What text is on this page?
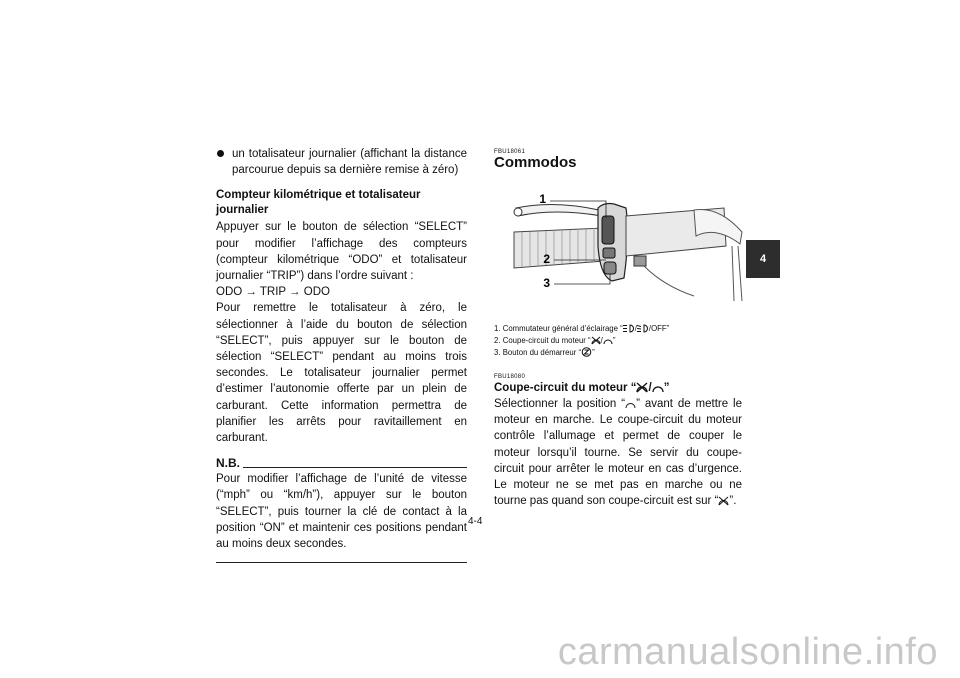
4

un totalisateur journalier (affichant la distance parcourue depuis sa dernière remise à zéro)

Compteur kilométrique et totalisateur journalier

Appuyer sur le bouton de sélection “SELECT” pour modifier l’affichage des compteurs (compteur kilométrique “ODO” et totalisateur journalier “TRIP”) dans l’ordre suivant :

ODO → TRIP → ODO

Pour remettre le totalisateur à zéro, le sélectionner à l’aide du bouton de sélection “SELECT”, puis appuyer sur le bouton de sélection “SELECT” pendant au moins trois secondes. Le totalisateur journalier permet d’estimer l’autonomie offerte par un plein de carburant. Cette information permettra de planifier les arrêts pour ravitaillement en carburant.

N.B.

Pour modifier l’affichage de l’unité de vitesse (“mph” ou “km/h”), appuyer sur le bouton “SELECT”, puis tourner la clé de contact à la position “ON” et maintenir ces positions pendant au moins deux secondes.

FBU18061
Commodos
1
2
3
1. Commutateur général d’éclairage “ / /OFF”
2. Coupe-circuit du moteur “ / ”
3. Bouton du démarreur “ ”
FBU18080
Coupe-circuit du moteur “ / ”

Sélectionner la position “ ” avant de mettre le moteur en marche. Le coupe-circuit du moteur contrôle l’allumage et permet de couper le moteur lorsqu’il tourne. Se servir du coupe-circuit pour arrêter le moteur en cas d’urgence. Le moteur ne se met pas en marche ou ne tourne pas quand son coupe-circuit est sur “ ”.

4-4
carmanualsonline.info
